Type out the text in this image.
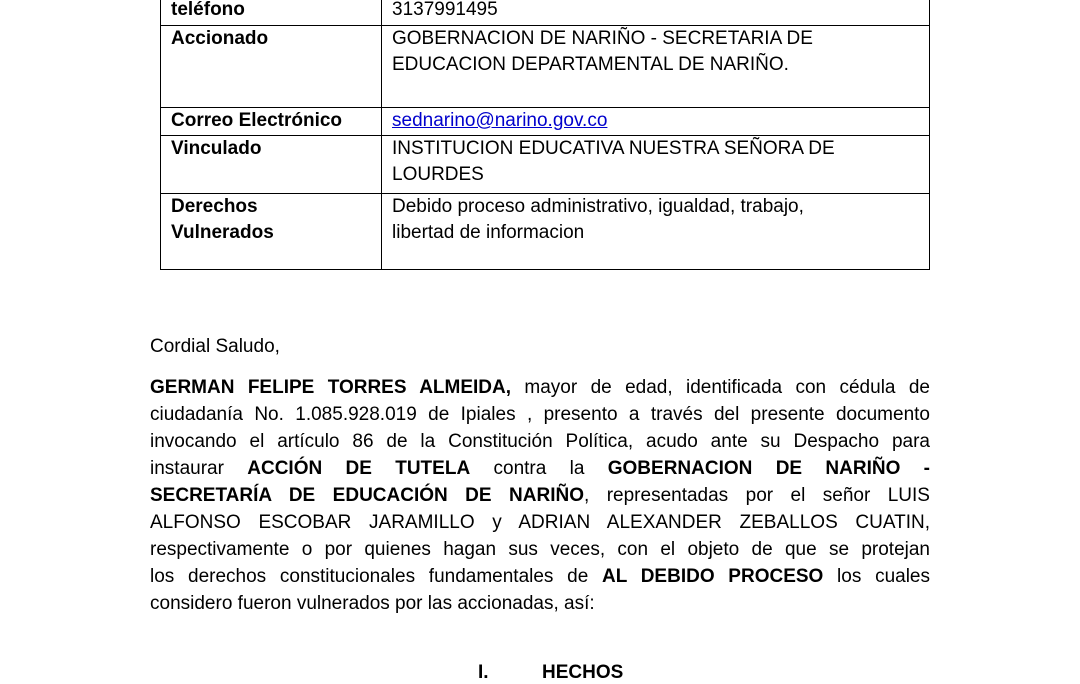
teléfono	3137991495

Accionado	GOBERNACION DE NARIÑO - SECRETARIA DE
EDUCACION DEPARTAMENTAL DE NARIÑO.

Correo Electrónico	sednarino@narino.gov.co

Vinculado	INSTITUCION EDUCATIVA NUESTRA SEÑORA DE
LOURDES

Derechos
Vulnerados	Debido proceso administrativo, igualdad, trabajo,
libertad de informacion
Cordial Saludo,
GERMAN FELIPE TORRES ALMEIDA, mayor de edad, identificada con cédula de
ciudadanía No. 1.085.928.019 de Ipiales , presento a través del presente documento
invocando el artículo 86 de la Constitución Política, acudo ante su Despacho para
instaurar ACCIÓN DE TUTELA contra la GOBERNACION DE NARIÑO -
SECRETARÍA DE EDUCACIÓN DE NARIÑO, representadas por el señor LUIS
ALFONSO ESCOBAR JARAMILLO y ADRIAN ALEXANDER ZEBALLOS CUATIN,
respectivamente o por quienes hagan sus veces, con el objeto de que se protejan
los derechos constitucionales fundamentales de AL DEBIDO PROCESO los cuales
considero fueron vulnerados por las accionadas, así:
I.	HECHOS
